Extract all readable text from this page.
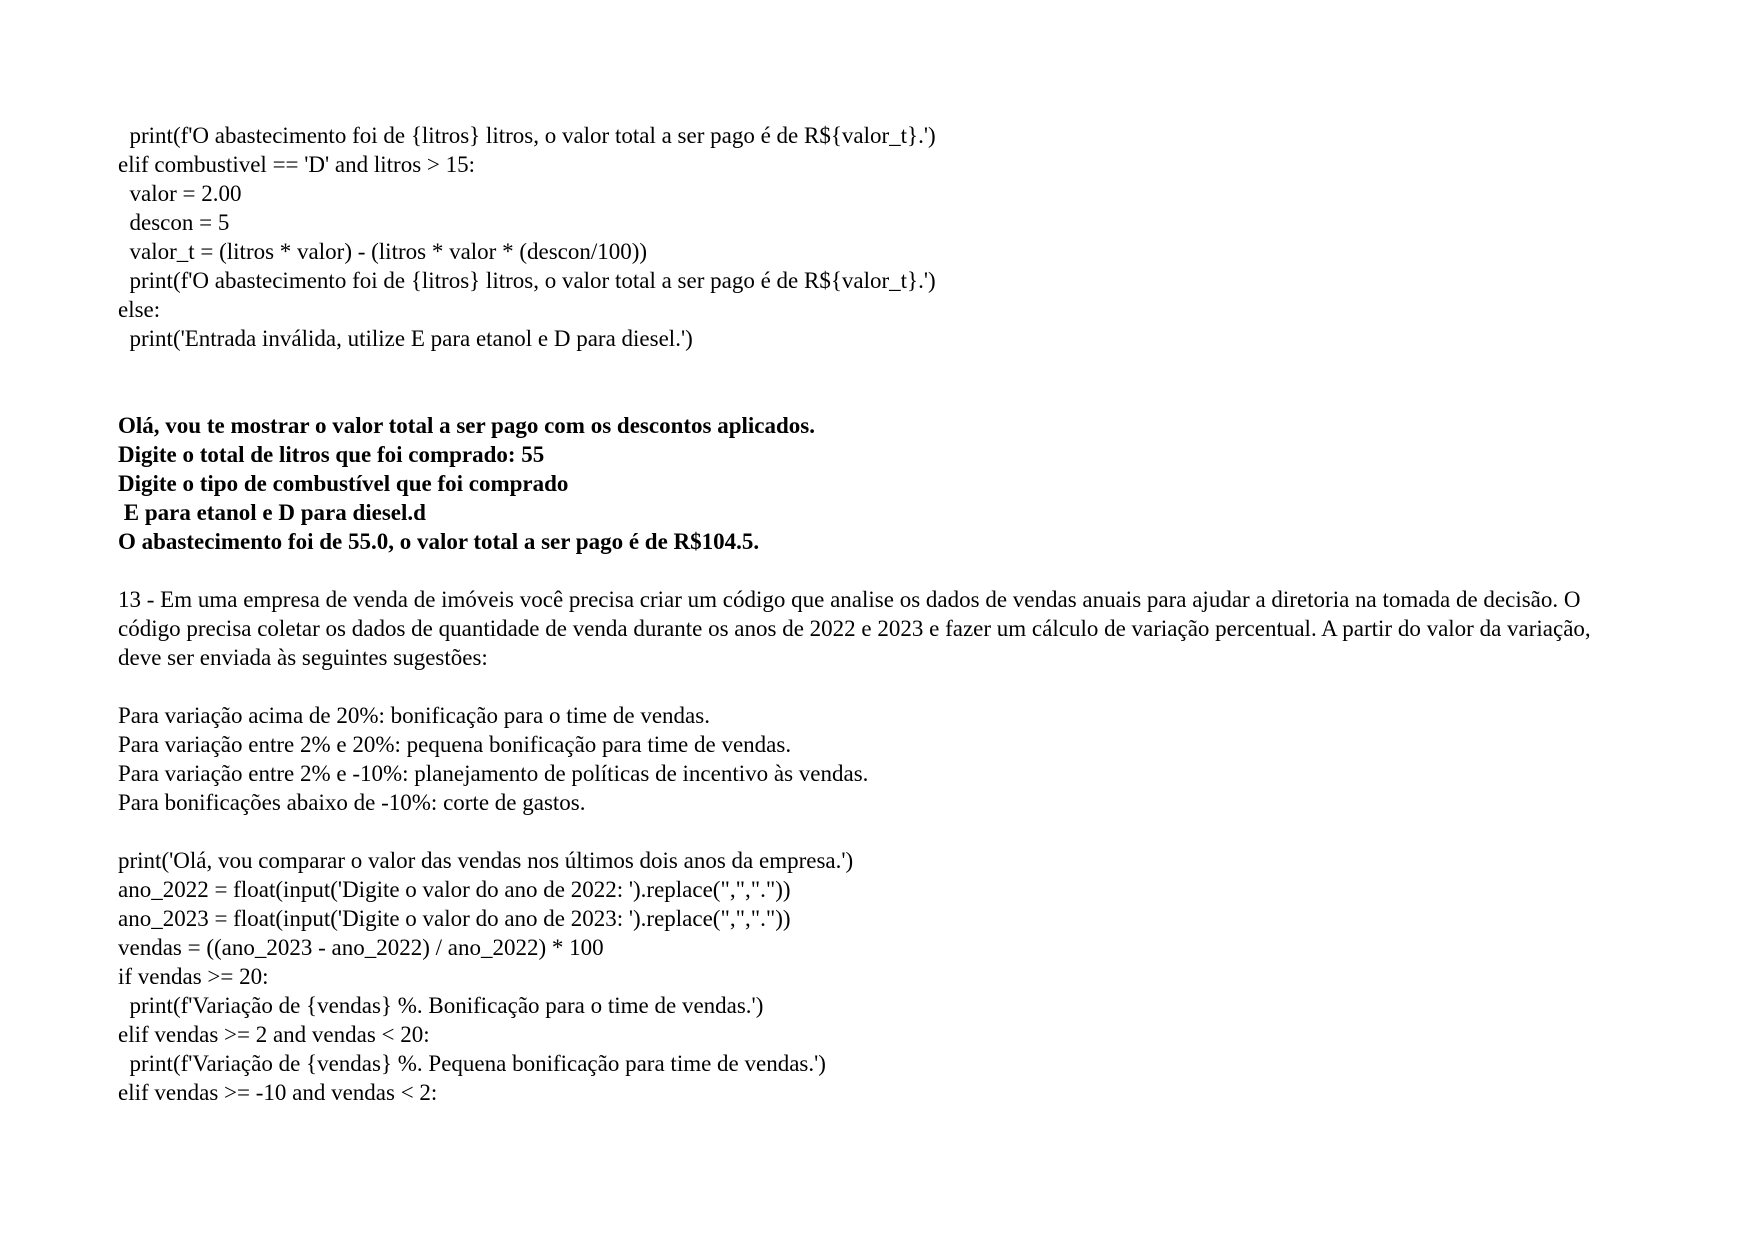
print(f'O abastecimento foi de {litros} litros, o valor total a ser pago é de R${valor_t}.')
elif combustivel == 'D' and litros > 15:
valor = 2.00
descon = 5
valor_t = (litros * valor) - (litros * valor * (descon/100))
print(f'O abastecimento foi de {litros} litros, o valor total a ser pago é de R${valor_t}.')
else:
print('Entrada inválida, utilize E para etanol e D para diesel.')
Olá, vou te mostrar o valor total a ser pago com os descontos aplicados.
Digite o total de litros que foi comprado: 55
Digite o tipo de combustível que foi comprado
E para etanol e D para diesel.d
O abastecimento foi de 55.0, o valor total a ser pago é de R$104.5.
13 - Em uma empresa de venda de imóveis você precisa criar um código que analise os dados de vendas anuais para ajudar a diretoria na tomada de decisão. O código precisa coletar os dados de quantidade de venda durante os anos de 2022 e 2023 e fazer um cálculo de variação percentual. A partir do valor da variação, deve ser enviada às seguintes sugestões:
Para variação acima de 20%: bonificação para o time de vendas.
Para variação entre 2% e 20%: pequena bonificação para time de vendas.
Para variação entre 2% e -10%: planejamento de políticas de incentivo às vendas.
Para bonificações abaixo de -10%: corte de gastos.
print('Olá, vou comparar o valor das vendas nos últimos dois anos da empresa.')
ano_2022 = float(input('Digite o valor do ano de 2022: ').replace(",","."))
ano_2023 = float(input('Digite o valor do ano de 2023: ').replace(",","."))
vendas = ((ano_2023 - ano_2022) / ano_2022) * 100
if vendas >= 20:
print(f'Variação de {vendas} %. Bonificação para o time de vendas.')
elif vendas >= 2 and vendas < 20:
print(f'Variação de {vendas} %. Pequena bonificação para time de vendas.')
elif vendas >= -10 and vendas < 2:
